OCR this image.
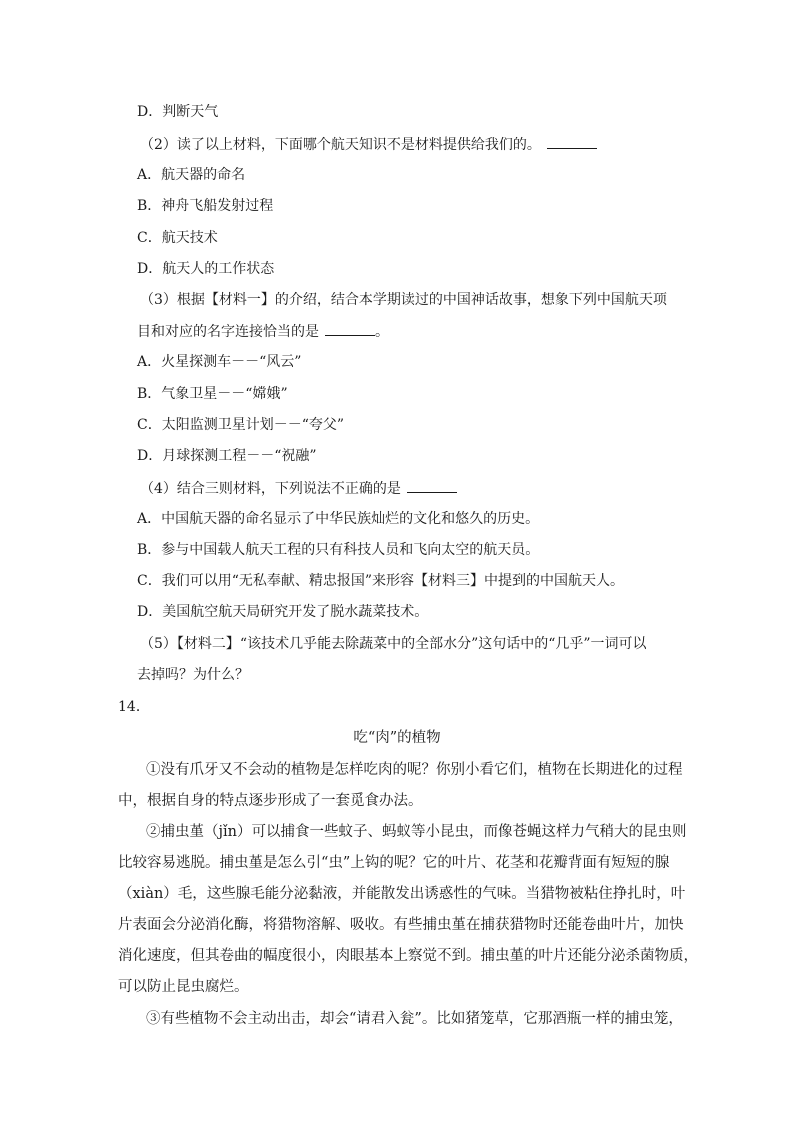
D．判断天气
（2）读了以上材料，下面哪个航天知识不是材料提供给我们的。
A．航天器的命名
B．神舟飞船发射过程
C．航天技术
D．航天人的工作状态
（3）根据【材料一】的介绍，结合本学期读过的中国神话故事，想象下列中国航天项
目和对应的名字连接恰当的是	。
A．火星探测车－－“风云”
B．气象卫星－－“嫦娥”
C．太阳监测卫星计划－－“夸父”
D．月球探测工程－－“祝融”
（4）结合三则材料，下列说法不正确的是
A．中国航天器的命名显示了中华民族灿烂的文化和悠久的历史。
B．参与中国载人航天工程的只有科技人员和飞向太空的航天员。
C．我们可以用“无私奉献、精忠报国”来形容【材料三】中提到的中国航天人。
D．美国航空航天局研究开发了脱水蔬菜技术。
（5）【材料二】“该技术几乎能去除蔬菜中的全部水分”这句话中的“几乎”一词可以
去掉吗？为什么？
14．
吃“肉”的植物
①没有爪牙又不会动的植物是怎样吃肉的呢？你别小看它们，植物在长期进化的过程
中，根据自身的特点逐步形成了一套觅食办法。
②捕虫堇（jǐn）可以捕食一些蚊子、蚂蚁等小昆虫，而像苍蝇这样力气稍大的昆虫则
比较容易逃脱。捕虫堇是怎么引“虫”上钩的呢？它的叶片、花茎和花瓣背面有短短的腺
（xiàn）毛，这些腺毛能分泌黏液，并能散发出诱惑性的气味。当猎物被粘住挣扎时，叶
片表面会分泌消化酶，将猎物溶解、吸收。有些捕虫堇在捕获猎物时还能卷曲叶片，加快
消化速度，但其卷曲的幅度很小，肉眼基本上察觉不到。捕虫堇的叶片还能分泌杀菌物质，
可以防止昆虫腐烂。
③有些植物不会主动出击，却会“请君入瓮”。比如猪笼草，它那酒瓶一样的捕虫笼，
